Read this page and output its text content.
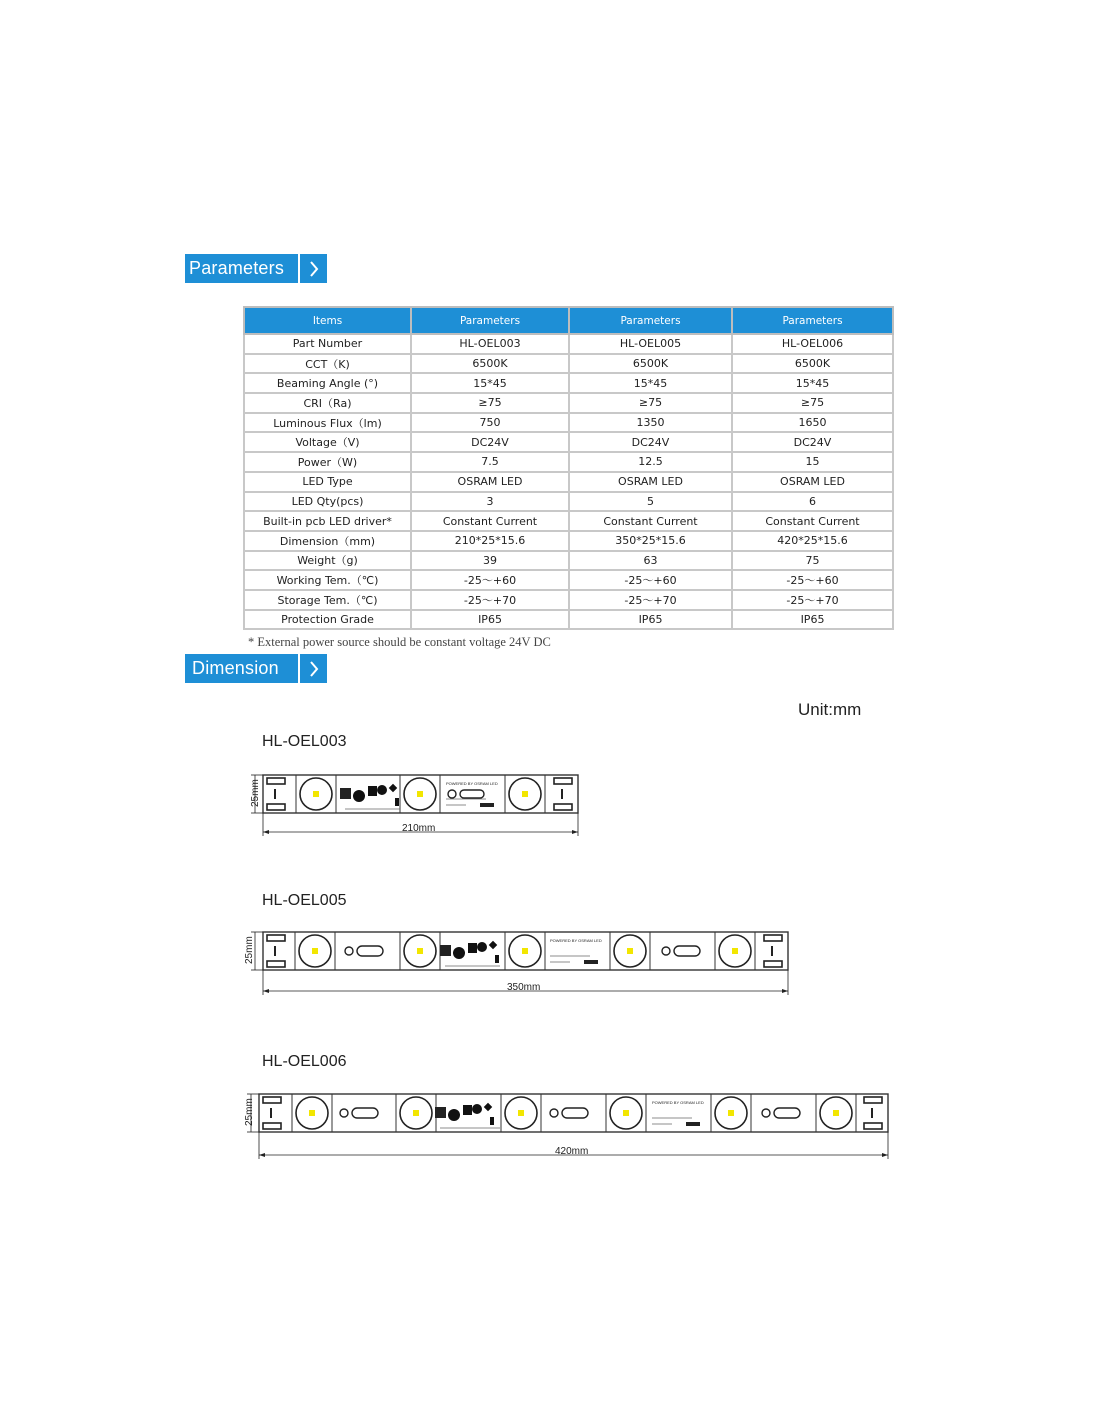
Parameters
Items	Parameters	Parameters	Parameters
Part Number	HL-OEL003	HL-OEL005	HL-OEL006
CCT（K)	6500K	6500K	6500K
Beaming Angle (°)	15*45	15*45	15*45
CRI（Ra)	≥75	≥75	≥75
Luminous Flux（lm)	750	1350	1650
Voltage（V)	DC24V	DC24V	DC24V
Power（W)	7.5	12.5	15
LED Type	OSRAM LED	OSRAM LED	OSRAM LED
LED Qty(pcs)	3	5	6
Built-in pcb LED driver*	Constant Current	Constant Current	Constant Current
Dimension（mm)	210*25*15.6	350*25*15.6	420*25*15.6
Weight（g)	39	63	75
Working Tem.（℃)	-25～+60	-25～+60	-25～+60
Storage Tem.（℃)	-25～+70	-25～+70	-25～+70
Protection Grade	IP65	IP65	IP65
* External power source should be constant voltage 24V DC
Dimension
Unit:mm
HL-OEL003
HL-OEL005
HL-OEL006
POWERED BY OSRAM LED
25mm
210mm
POWERED BY OSRAM LED
25mm
350mm
POWERED BY OSRAM LED
25mm
420mm
